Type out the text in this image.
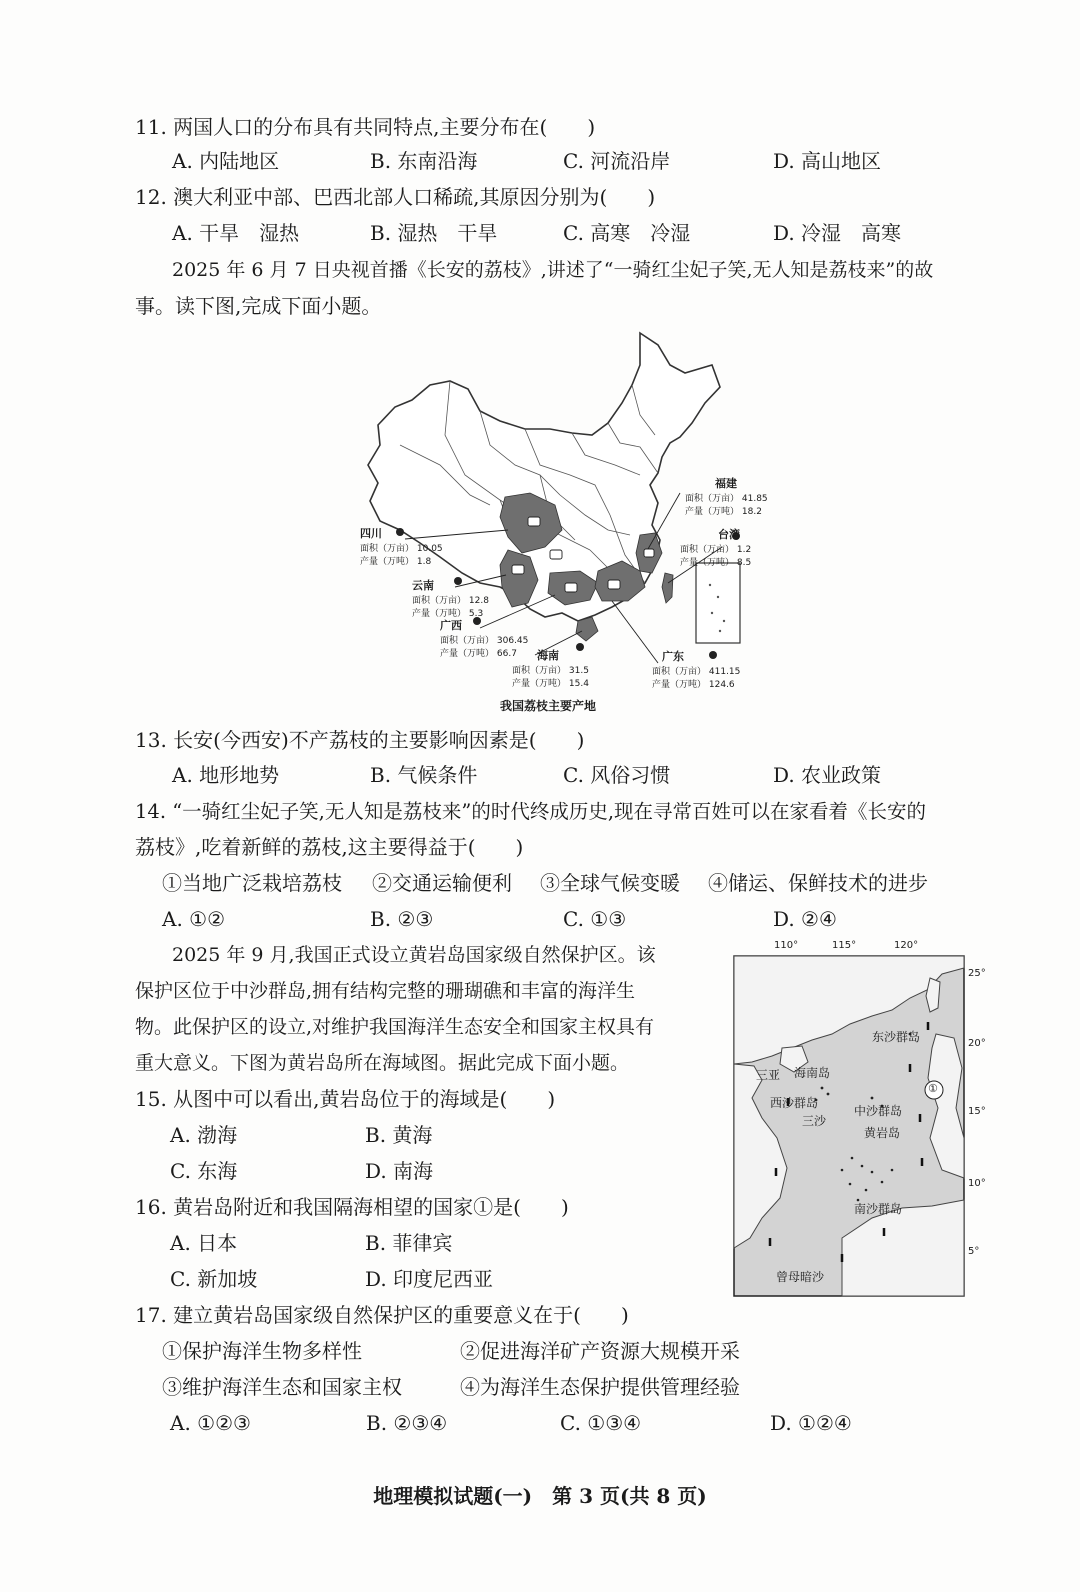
11. 两国人口的分布具有共同特点,主要分布在(　　)
A. 内陆地区	B. 东南沿海	C. 河流沿岸	D. 高山地区
12. 澳大利亚中部、巴西北部人口稀疏,其原因分别为(　　)
A. 干旱　湿热	B. 湿热　干旱	C. 高寒　冷湿	D. 冷湿　高寒
2025 年 6 月 7 日央视首播《长安的荔枝》,讲述了“一骑红尘妃子笑,无人知是荔枝来”的故
事。读下图,完成下面小题。
四川
面积（万亩） 10.05
产量（万吨） 1.8
云南
面积（万亩） 12.8
产量（万吨） 5.3
广西
面积（万亩） 306.45
产量（万吨） 66.7	海南
面积（万亩） 31.5
产量（万吨） 15.4
福建
面积（万亩） 41.85
产量（万吨） 18.2
台湾
面积（万亩） 1.2
产量（万吨） 8.5
广东
面积（万亩） 411.15
产量（万吨） 124.6
我国荔枝主要产地
13. 长安(今西安)不产荔枝的主要影响因素是(　　)
A. 地形地势	B. 气候条件	C. 风俗习惯	D. 农业政策
14. “一骑红尘妃子笑,无人知是荔枝来”的时代终成历史,现在寻常百姓可以在家看着《长安的
荔枝》,吃着新鲜的荔枝,这主要得益于(　　)
①当地广泛栽培荔枝 ②交通运输便利 ③全球气候变暖 ④储运、保鲜技术的进步
A. ①②	B. ②③	C. ①③	D. ②④
2025 年 9 月,我国正式设立黄岩岛国家级自然保护区。该
保护区位于中沙群岛,拥有结构完整的珊瑚礁和丰富的海洋生
物。此保护区的设立,对维护我国海洋生态安全和国家主权具有
重大意义。下图为黄岩岛所在海域图。据此完成下面小题。
15. 从图中可以看出,黄岩岛位于的海域是(　　)
A. 渤海	B. 黄海
C. 东海	D. 南海
16. 黄岩岛附近和我国隔海相望的国家①是(　　)
A. 日本	B. 菲律宾
C. 新加坡	D. 印度尼西亚
110°	115°	120°
25°
20°
15°
10°
5°
东沙群岛
海南岛
三亚
西沙群岛
中沙群岛
三沙
黄岩岛
南沙群岛
曾母暗沙
①
17. 建立黄岩岛国家级自然保护区的重要意义在于(　　)
①保护海洋生物多样性	②促进海洋矿产资源大规模开采
③维护海洋生态和国家主权	④为海洋生态保护提供管理经验
A. ①②③	B. ②③④	C. ①③④	D. ①②④
地理模拟试题(一)　第 3 页(共 8 页)
